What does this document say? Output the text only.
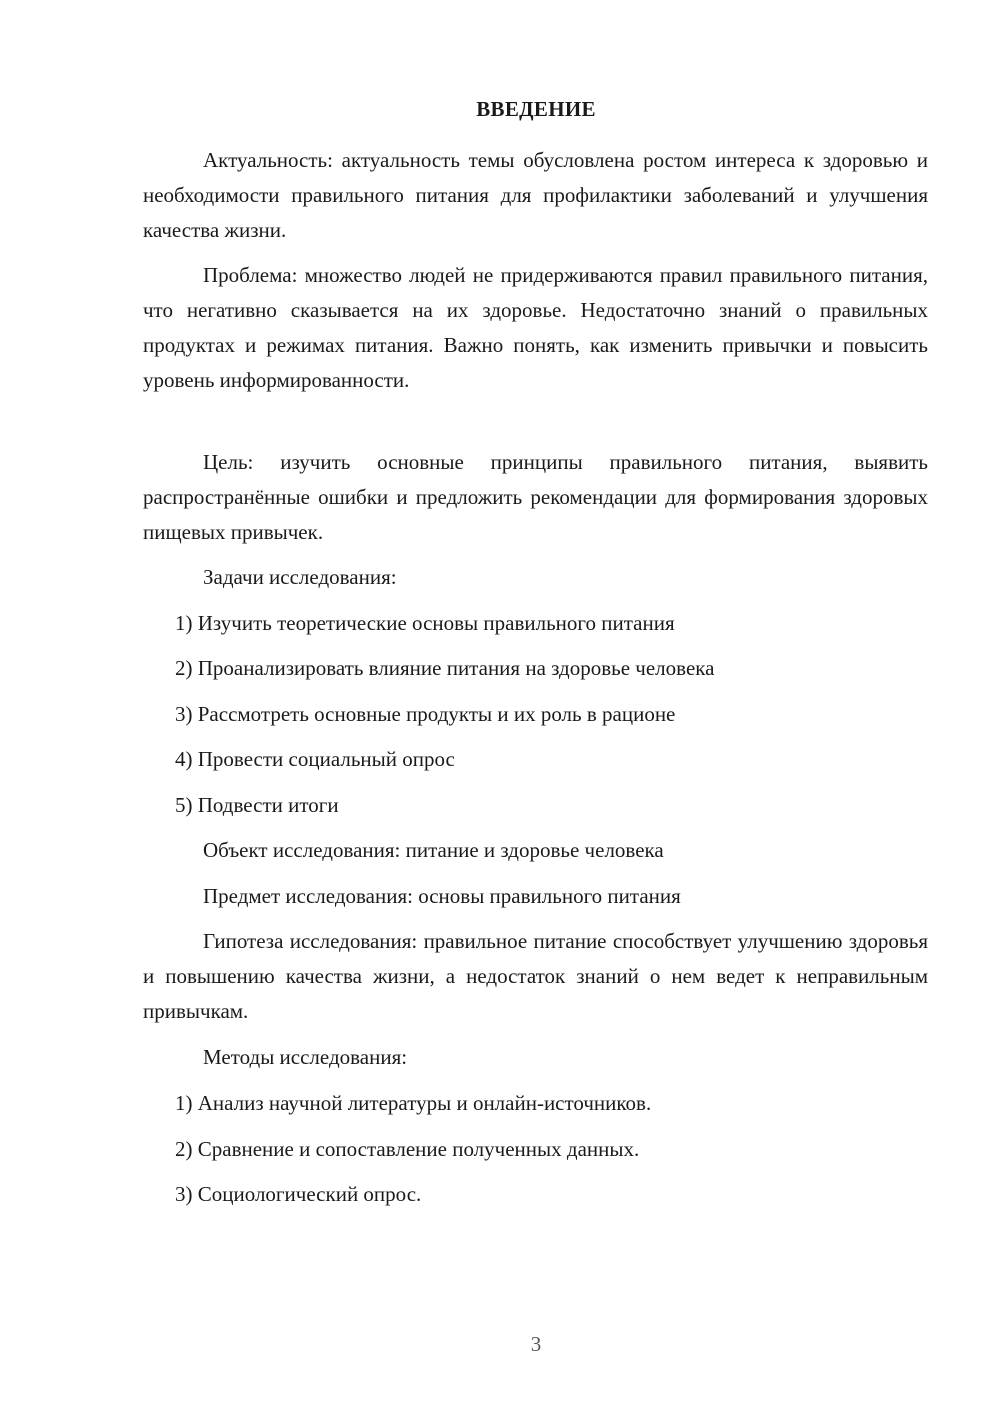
ВВЕДЕНИЕ

Актуальность: актуальность темы обусловлена ростом интереса к здоровью и необходимости правильного питания для профилактики заболеваний и улучшения качества жизни.

Проблема: множество людей не придерживаются правил правильного питания, что негативно сказывается на их здоровье. Недостаточно знаний о правильных продуктах и режимах питания. Важно понять, как изменить привычки и повысить уровень информированности.

Цель: изучить основные принципы правильного питания, выявить распространённые ошибки и предложить рекомендации для формирования здоровых пищевых привычек.

Задачи исследования:

1) Изучить теоретические основы правильного питания

2) Проанализировать влияние питания на здоровье человека

3) Рассмотреть основные продукты и их роль в рационе

4) Провести социальный опрос

5) Подвести итоги

Объект исследования: питание и здоровье человека

Предмет исследования: основы правильного питания

Гипотеза исследования: правильное питание способствует улучшению здоровья и повышению качества жизни, а недостаток знаний о нем ведет к неправильным привычкам.

Методы исследования:

1) Анализ научной литературы и онлайн-источников.

2) Сравнение и сопоставление полученных данных.

3) Социологический опрос.

3
